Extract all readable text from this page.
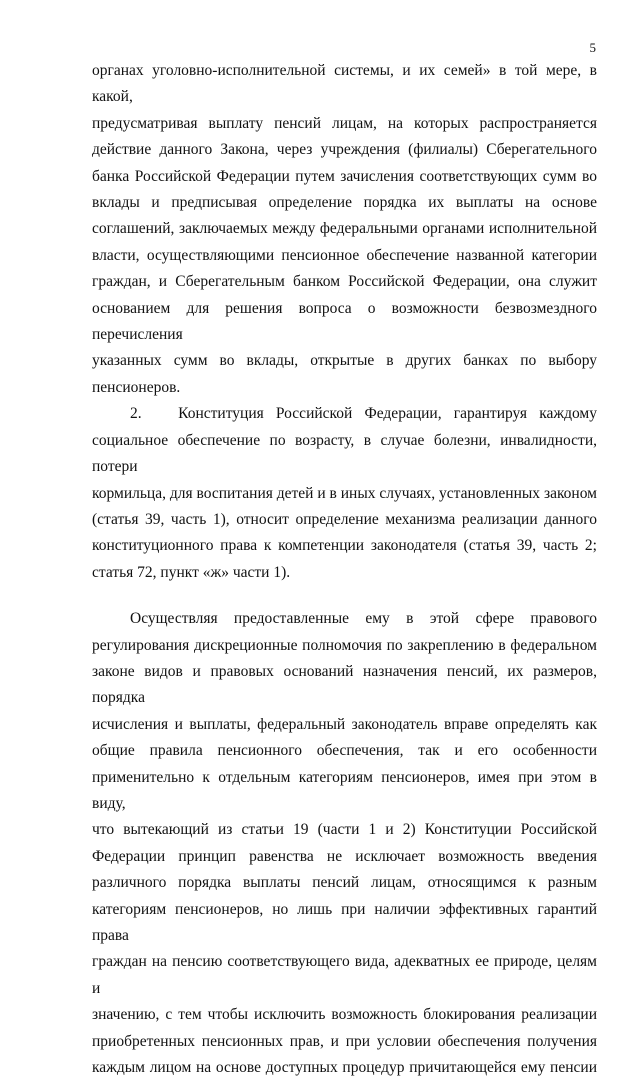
5

органах уголовно-исполнительной системы, и их семей» в той мере, в какой,

предусматривая выплату пенсий лицам, на которых распространяется

действие данного Закона, через учреждения (филиалы) Сберегательного

банка Российской Федерации путем зачисления соответствующих сумм во

вклады и предписывая определение порядка их выплаты на основе

соглашений, заключаемых между федеральными органами исполнительной

власти, осуществляющими пенсионное обеспечение названной категории

граждан, и Сберегательным банком Российской Федерации, она служит

основанием для решения вопроса о возможности безвозмездного перечисления

указанных сумм во вклады, открытые в других банках по выбору пенсионеров.

2.   Конституция Российской Федерации, гарантируя каждому

социальное обеспечение по возрасту, в случае болезни, инвалидности, потери

кормильца, для воспитания детей и в иных случаях, установленных законом

(статья 39, часть 1), относит определение механизма реализации данного

конституционного права к компетенции законодателя (статья 39, часть 2;

статья 72, пункт «ж» части 1).

Осуществляя предоставленные ему в этой сфере правового

регулирования дискреционные полномочия по закреплению в федеральном

законе видов и правовых оснований назначения пенсий, их размеров, порядка

исчисления и выплаты, федеральный законодатель вправе определять как

общие правила пенсионного обеспечения, так и его особенности

применительно к отдельным категориям пенсионеров, имея при этом в виду,

что вытекающий из статьи 19 (части 1 и 2) Конституции Российской

Федерации принцип равенства не исключает возможность введения

различного порядка выплаты пенсий лицам, относящимся к разным

категориям пенсионеров, но лишь при наличии эффективных гарантий права

граждан на пенсию соответствующего вида, адекватных ее природе, целям и

значению, с тем чтобы исключить возможность блокирования реализации

приобретенных пенсионных прав, и при условии обеспечения получения

каждым лицом на основе доступных процедур причитающейся ему пенсии
